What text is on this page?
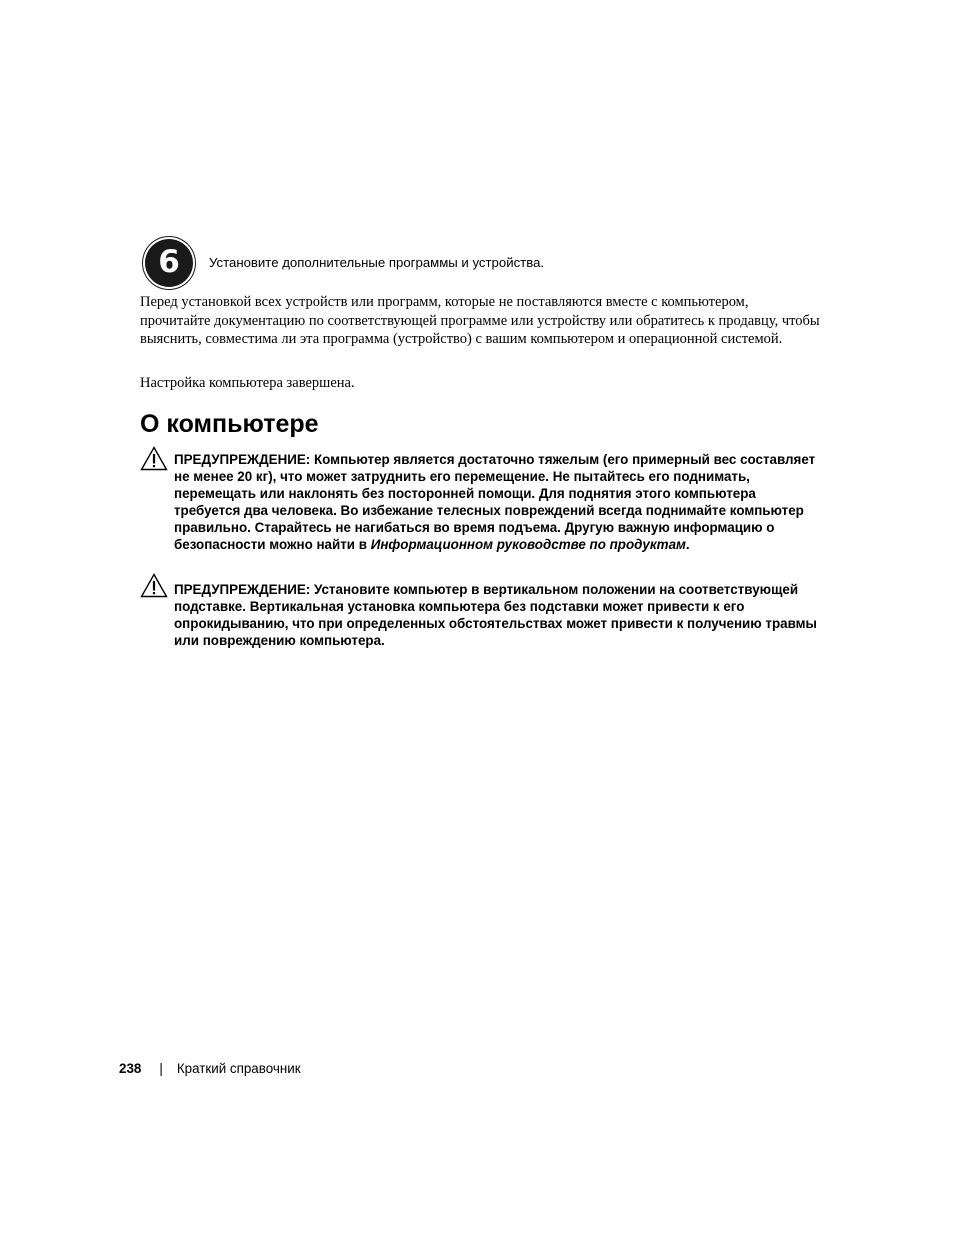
6 Установите дополнительные программы и устройства.

Перед установкой всех устройств или программ, которые не поставляются вместе с компьютером, прочитайте документацию по соответствующей программе или устройству или обратитесь к продавцу, чтобы выяснить, совместима ли эта программа (устройство) с вашим компьютером и операционной системой.

Настройка компьютера завершена.

О компьютере

ПРЕДУПРЕЖДЕНИЕ: Компьютер является достаточно тяжелым (его примерный вес составляет не менее 20 кг), что может затруднить его перемещение. Не пытайтесь его поднимать, перемещать или наклонять без посторонней помощи. Для поднятия этого компьютера требуется два человека. Во избежание телесных повреждений всегда поднимайте компьютер правильно. Старайтесь не нагибаться во время подъема. Другую важную информацию о безопасности можно найти в Информационном руководстве по продуктам.

ПРЕДУПРЕЖДЕНИЕ: Установите компьютер в вертикальном положении на соответствующей подставке. Вертикальная установка компьютера без подставки может привести к его опрокидыванию, что при определенных обстоятельствах может привести к получению травмы или повреждению компьютера.

238 | Краткий справочник
